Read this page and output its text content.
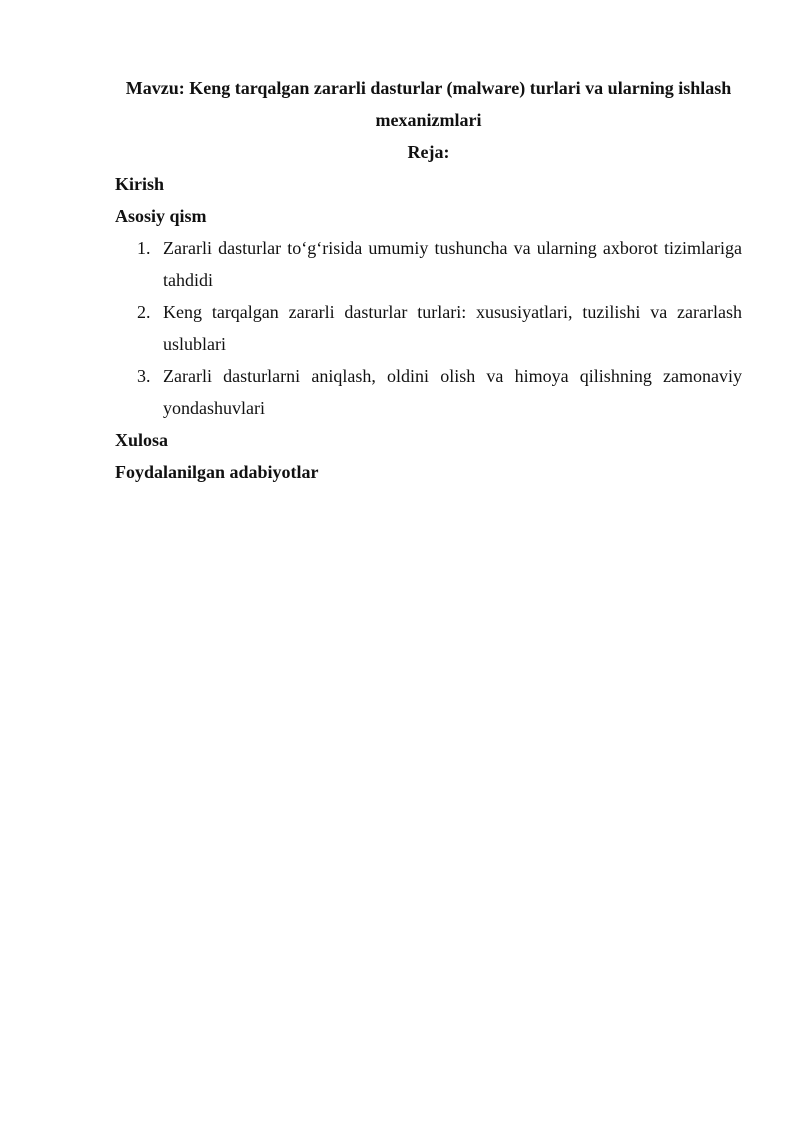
Mavzu: Keng tarqalgan zararli dasturlar (malware) turlari va ularning ishlash mexanizmlari

Reja:

Kirish

Asosiy qism

1. Zararli dasturlar to‘g‘risida umumiy tushuncha va ularning axborot tizimlariga tahdidi
2. Keng tarqalgan zararli dasturlar turlari: xususiyatlari, tuzilishi va zararlash uslublari
3. Zararli dasturlarni aniqlash, oldini olish va himoya qilishning zamonaviy yondashuvlari

Xulosa

Foydalanilgan adabiyotlar
